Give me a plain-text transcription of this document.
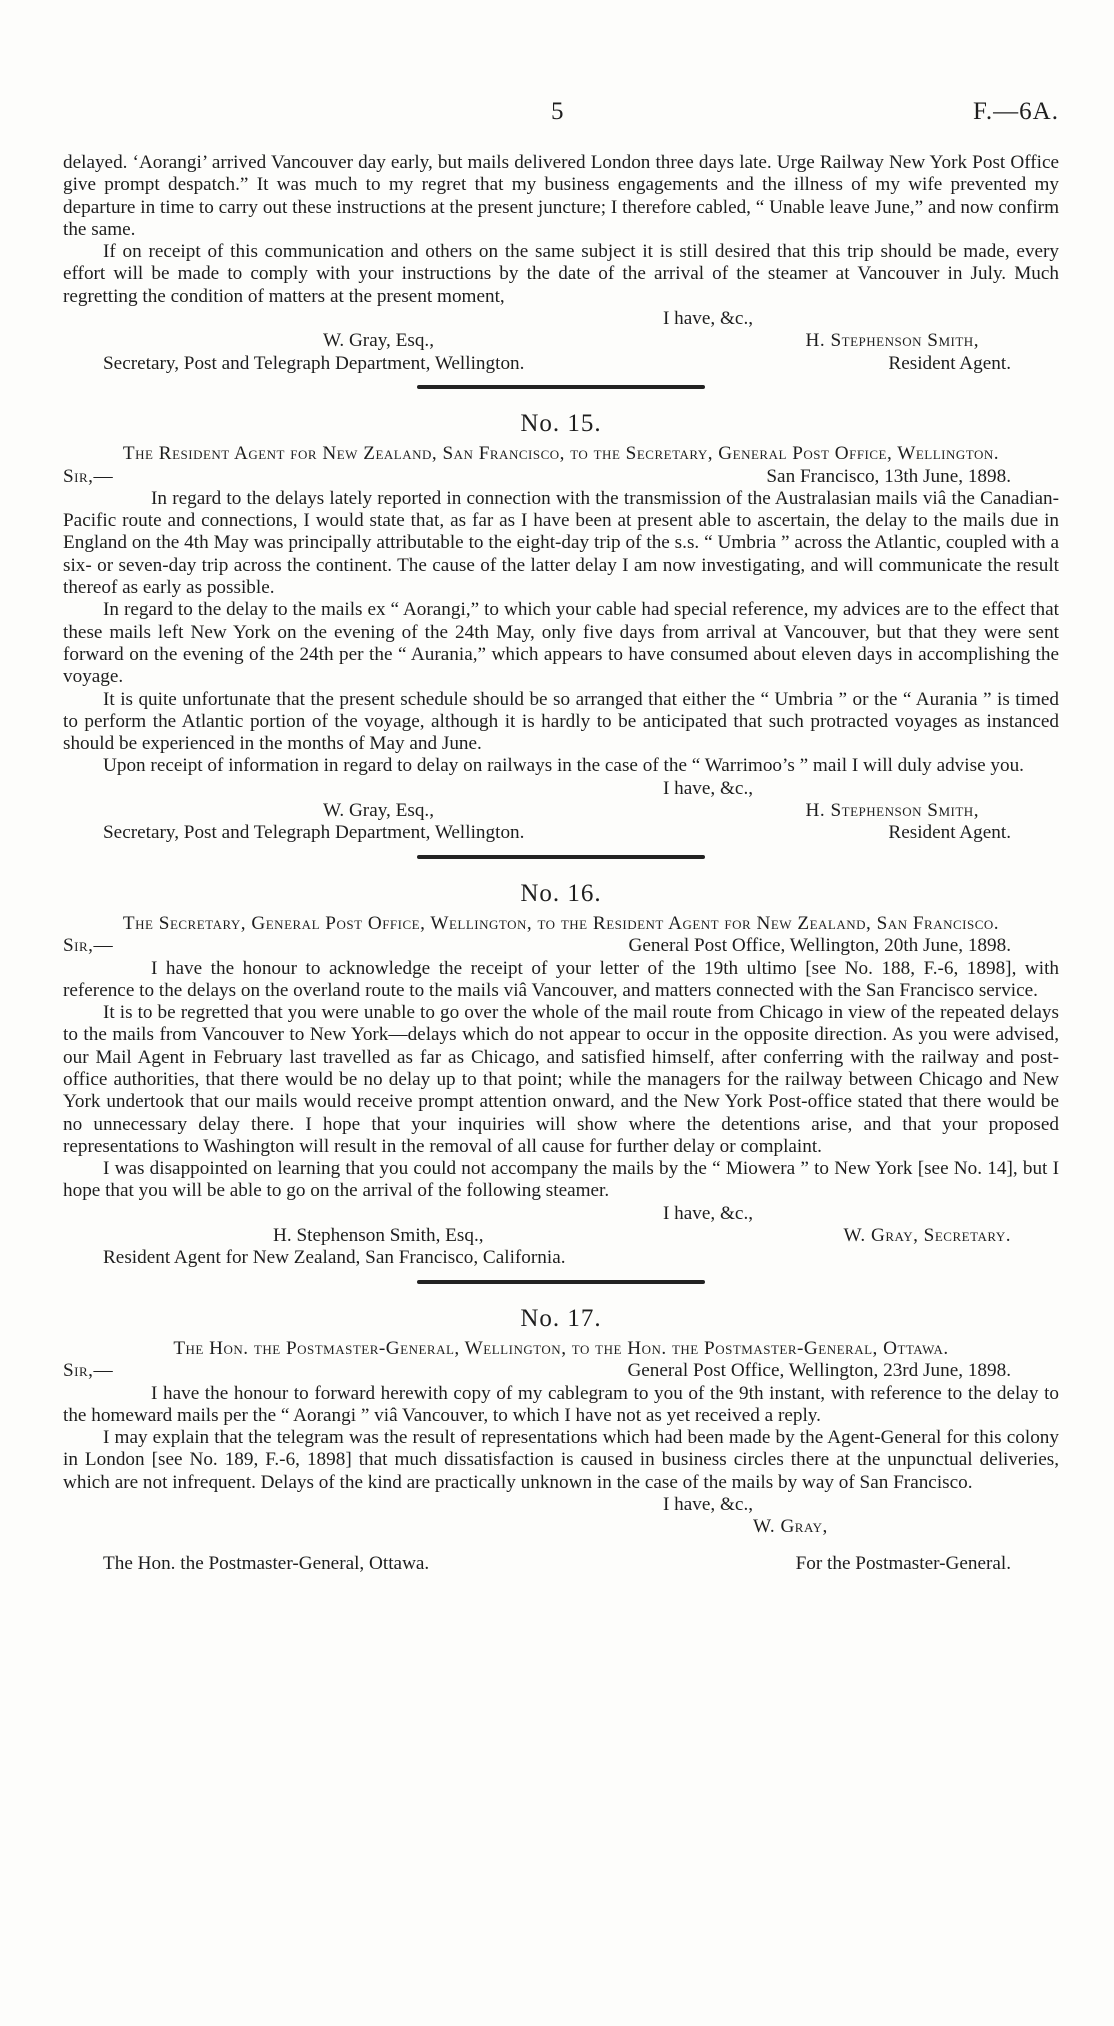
5	F.—6A.

delayed. ‘Aorangi’ arrived Vancouver day early, but mails delivered London three days late. Urge Railway New York Post Office give prompt despatch.” It was much to my regret that my business engagements and the illness of my wife prevented my departure in time to carry out these instructions at the present juncture; I therefore cabled, “ Unable leave June,” and now confirm the same.

If on receipt of this communication and others on the same subject it is still desired that this trip should be made, every effort will be made to comply with your instructions by the date of the arrival of the steamer at Vancouver in July. Much regretting the condition of matters at the present moment,

I have, &c.,
W. Gray, Esq.,	H. Stephenson Smith,
Secretary, Post and Telegraph Department, Wellington.	Resident Agent.
No. 15.
The Resident Agent for New Zealand, San Francisco, to the Secretary, General Post Office, Wellington.
Sir,—	San Francisco, 13th June, 1898.

In regard to the delays lately reported in connection with the transmission of the Australasian mails viâ the Canadian-Pacific route and connections, I would state that, as far as I have been at present able to ascertain, the delay to the mails due in England on the 4th May was principally attributable to the eight-day trip of the s.s. “ Umbria ” across the Atlantic, coupled with a six- or seven-day trip across the continent. The cause of the latter delay I am now investigating, and will communicate the result thereof as early as possible.

In regard to the delay to the mails ex “ Aorangi,” to which your cable had special reference, my advices are to the effect that these mails left New York on the evening of the 24th May, only five days from arrival at Vancouver, but that they were sent forward on the evening of the 24th per the “ Aurania,” which appears to have consumed about eleven days in accomplishing the voyage.

It is quite unfortunate that the present schedule should be so arranged that either the “ Umbria ” or the “ Aurania ” is timed to perform the Atlantic portion of the voyage, although it is hardly to be anticipated that such protracted voyages as instanced should be experienced in the months of May and June.

Upon receipt of information in regard to delay on railways in the case of the “ Warrimoo’s ” mail I will duly advise you.

I have, &c.,
W. Gray, Esq.,	H. Stephenson Smith,
Secretary, Post and Telegraph Department, Wellington.	Resident Agent.
No. 16.
The Secretary, General Post Office, Wellington, to the Resident Agent for New Zealand, San Francisco.
Sir,—	General Post Office, Wellington, 20th June, 1898.

I have the honour to acknowledge the receipt of your letter of the 19th ultimo [see No. 188, F.-6, 1898], with reference to the delays on the overland route to the mails viâ Vancouver, and matters connected with the San Francisco service.

It is to be regretted that you were unable to go over the whole of the mail route from Chicago in view of the repeated delays to the mails from Vancouver to New York—delays which do not appear to occur in the opposite direction. As you were advised, our Mail Agent in February last travelled as far as Chicago, and satisfied himself, after conferring with the railway and post-office authorities, that there would be no delay up to that point; while the managers for the railway between Chicago and New York undertook that our mails would receive prompt attention onward, and the New York Post-office stated that there would be no unnecessary delay there. I hope that your inquiries will show where the detentions arise, and that your proposed representations to Washington will result in the removal of all cause for further delay or complaint.

I was disappointed on learning that you could not accompany the mails by the “ Miowera ” to New York [see No. 14], but I hope that you will be able to go on the arrival of the following steamer.

I have, &c.,
H. Stephenson Smith, Esq.,	W. Gray, Secretary.
Resident Agent for New Zealand, San Francisco, California.
No. 17.
The Hon. the Postmaster-General, Wellington, to the Hon. the Postmaster-General, Ottawa.
Sir,—	General Post Office, Wellington, 23rd June, 1898.

I have the honour to forward herewith copy of my cablegram to you of the 9th instant, with reference to the delay to the homeward mails per the “ Aorangi ” viâ Vancouver, to which I have not as yet received a reply.

I may explain that the telegram was the result of representations which had been made by the Agent-General for this colony in London [see No. 189, F.-6, 1898] that much dissatisfaction is caused in business circles there at the unpunctual deliveries, which are not infrequent. Delays of the kind are practically unknown in the case of the mails by way of San Francisco.

I have, &c.,
W. Gray,
The Hon. the Postmaster-General, Ottawa.	For the Postmaster-General.
